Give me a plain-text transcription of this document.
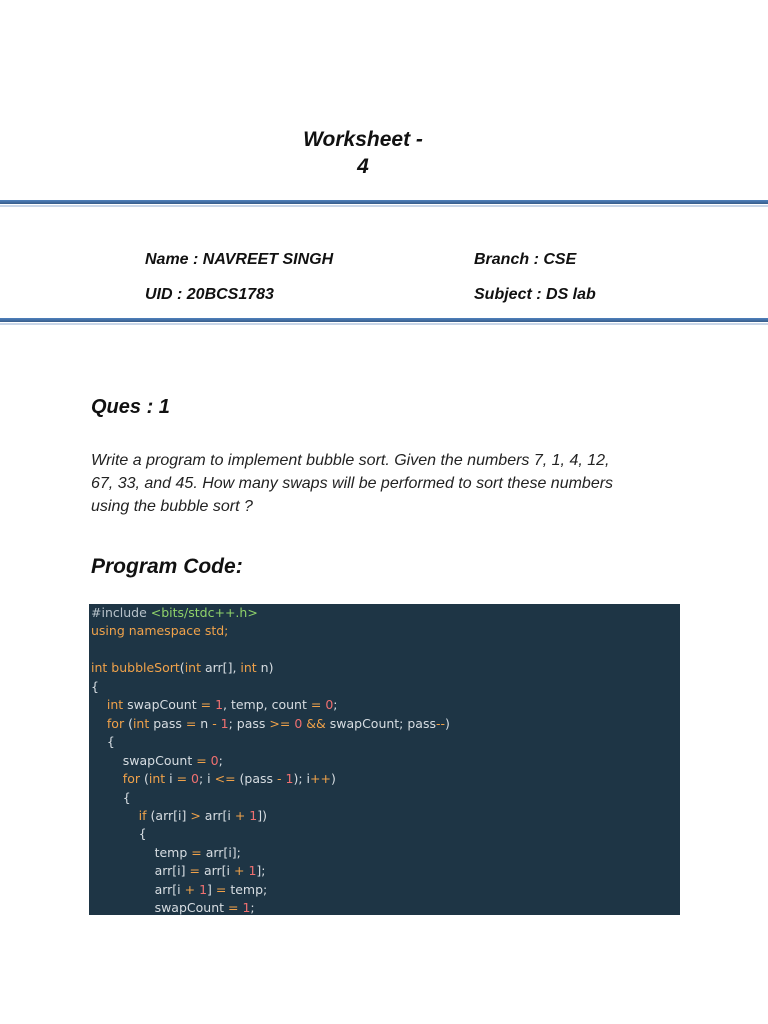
Worksheet -
4
Name : NAVREET SINGH	Branch : CSE
UID : 20BCS1783	Subject : DS lab
Ques : 1
Write a program to implement bubble sort. Given the numbers 7, 1, 4, 12,
67, 33, and 45. How many swaps will be performed to sort these numbers
using the bubble sort ?
Program Code:
#include <bits/stdc++.h>
using namespace std;
int bubbleSort(int arr[], int n)
{
int swapCount = 1, temp, count = 0;
for (int pass = n - 1; pass >= 0 && swapCount; pass--)
{
swapCount = 0;
for (int i = 0; i <= (pass - 1); i++)
{
if (arr[i] > arr[i + 1])
{
temp = arr[i];
arr[i] = arr[i + 1];
arr[i + 1] = temp;
swapCount = 1;
